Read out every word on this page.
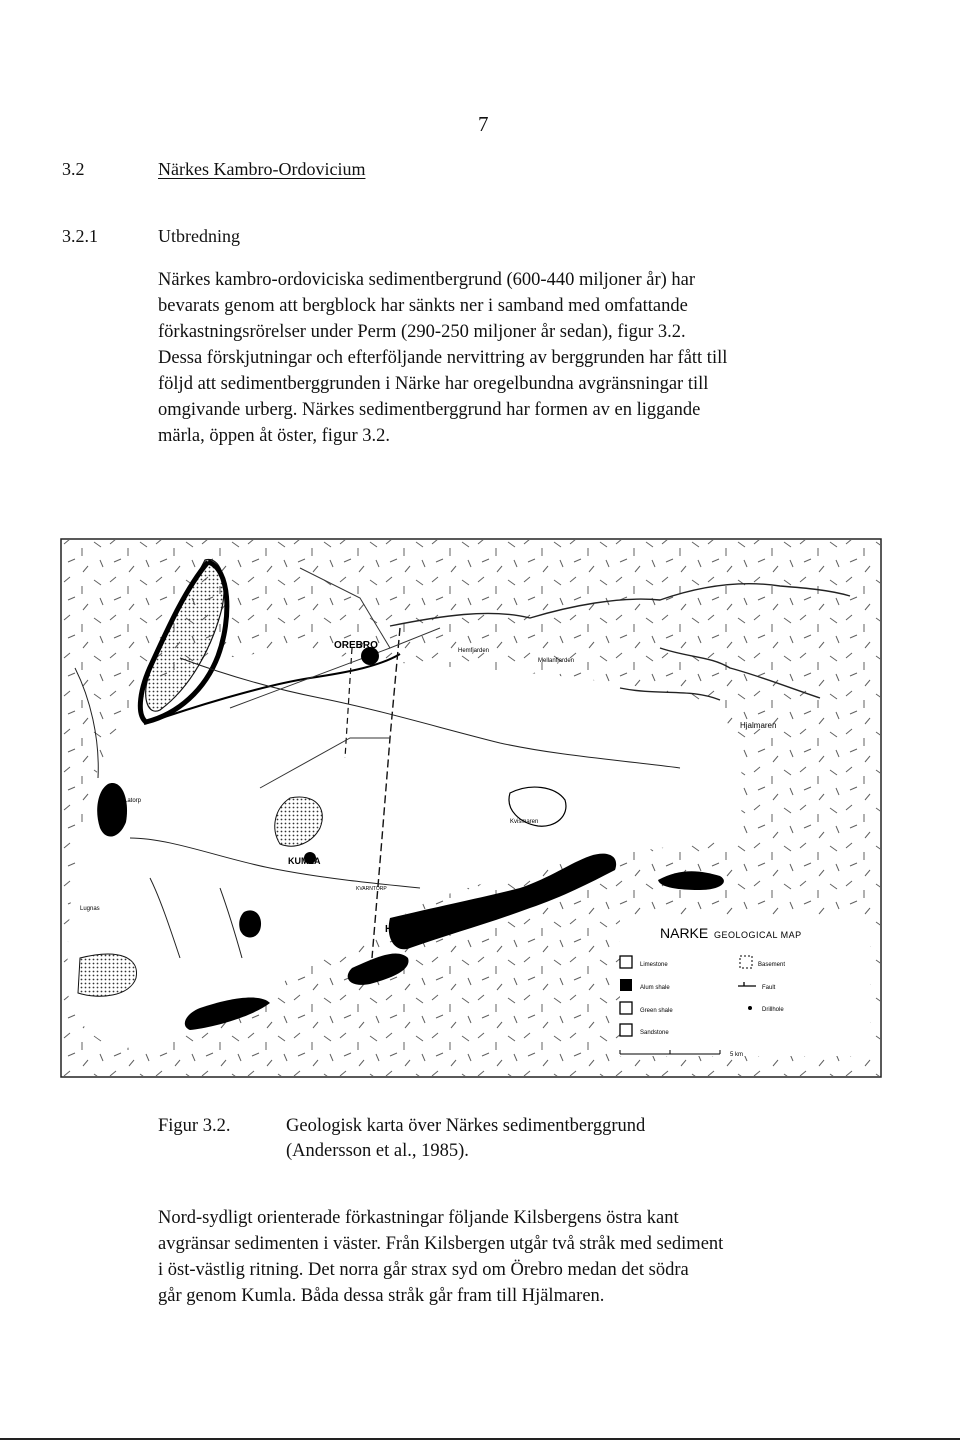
7
3.2	Närkes Kambro-Ordovicium
3.2.1	Utbredning

Närkes kambro-ordoviciska sedimentbergrund (600-440 miljoner år) har

bevarats genom att bergblock har sänkts ner i samband med omfattande

förkastningsrörelser under Perm (290-250 miljoner år sedan), figur 3.2.

Dessa förskjutningar och efterföljande nervittring av berggrunden har fått till

följd att sedimentberggrunden i Närke har oregelbundna avgränsningar till

omgivande urberg. Närkes sedimentberggrund har formen av en liggande

märla, öppen åt öster, figur 3.2.

OREBRO
KUMLA
Hynneberg
Hjalmaren
Hemfjarden
Mellanfjarden
Latorp
Lugnas
KVARNTORP
Kvismaren
NARKE GEOLOGICAL MAP
Limestone
Alum shale
Green shale
Sandstone
Basement
Fault
Drillhole
5 km
Figur 3.2.	Geologisk karta över Närkes sedimentberggrund
(Andersson et al., 1985).

Nord-sydligt orienterade förkastningar följande Kilsbergens östra kant

avgränsar sedimenten i väster. Från Kilsbergen utgår två stråk med sediment

i öst-västlig ritning. Det norra går strax syd om Örebro medan det södra

går genom Kumla. Båda dessa stråk går fram till Hjälmaren.
